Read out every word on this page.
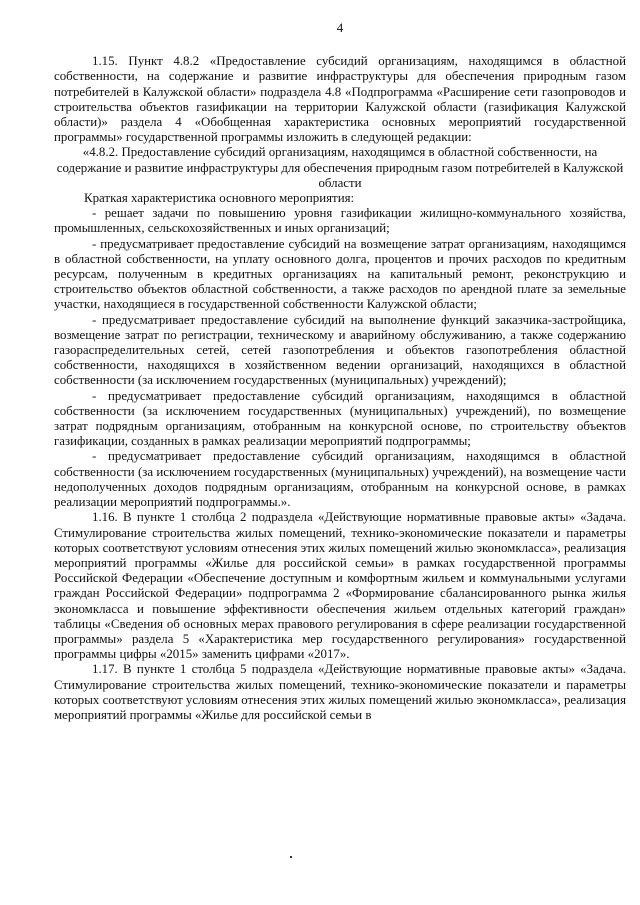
4

1.15. Пункт 4.8.2 «Предоставление субсидий организациям, находящимся в областной собственности, на содержание и развитие инфраструктуры для обеспечения природным газом потребителей в Калужской области» подраздела 4.8 «Подпрограмма «Расширение сети газопроводов и строительства объектов газификации на территории Калужской области (газификация Калужской области)» раздела 4 «Обобщенная характеристика основных мероприятий государственной программы» государственной программы изложить в следующей редакции:

«4.8.2. Предоставление субсидий организациям, находящимся в областной собственности, на содержание и развитие инфраструктуры для обеспечения природным газом потребителей в Калужской области

Краткая характеристика основного мероприятия:

- решает задачи по повышению уровня газификации жилищно-коммунального хозяйства, промышленных, сельскохозяйственных и иных организаций;

- предусматривает предоставление субсидий на возмещение затрат организациям, находящимся в областной собственности, на уплату основного долга, процентов и прочих расходов по кредитным ресурсам, полученным в кредитных организациях на капитальный ремонт, реконструкцию и строительство объектов областной собственности, а также расходов по арендной плате за земельные участки, находящиеся в государственной собственности Калужской области;

- предусматривает предоставление субсидий на выполнение функций заказчика-застройщика, возмещение затрат по регистрации, техническому и аварийному обслуживанию, а также содержанию газораспределительных сетей, сетей газопотребления и объектов газопотребления областной собственности, находящихся в хозяйственном ведении организаций, находящихся в областной собственности (за исключением государственных (муниципальных) учреждений);

- предусматривает предоставление субсидий организациям, находящимся в областной собственности (за исключением государственных (муниципальных) учреждений), по возмещение затрат подрядным организациям, отобранным на конкурсной основе, по строительству объектов газификации, созданных в рамках реализации мероприятий подпрограммы;

- предусматривает предоставление субсидий организациям, находящимся в областной собственности (за исключением государственных (муниципальных) учреждений), на возмещение части недополученных доходов подрядным организациям, отобранным на конкурсной основе, в рамках реализации мероприятий подпрограммы.».

1.16. В пункте 1 столбца 2 подраздела «Действующие нормативные правовые акты» «Задача. Стимулирование строительства жилых помещений, технико-экономические показатели и параметры которых соответствуют условиям отнесения этих жилых помещений жилью экономкласса», реализация мероприятий программы «Жилье для российской семьи» в рамках государственной программы Российской Федерации «Обеспечение доступным и комфортным жильем и коммунальными услугами граждан Российской Федерации» подпрограмма 2 «Формирование сбалансированного рынка жилья экономкласса и повышение эффективности обеспечения жильем отдельных категорий граждан» таблицы «Сведения об основных мерах правового регулирования в сфере реализации государственной программы» раздела 5 «Характеристика мер государственного регулирования» государственной программы цифры «2015» заменить цифрами «2017».

1.17. В пункте 1 столбца 5 подраздела «Действующие нормативные правовые акты» «Задача. Стимулирование строительства жилых помещений, технико-экономические показатели и параметры которых соответствуют условиям отнесения этих жилых помещений жилью экономкласса», реализация мероприятий программы «Жилье для российской семьи в
